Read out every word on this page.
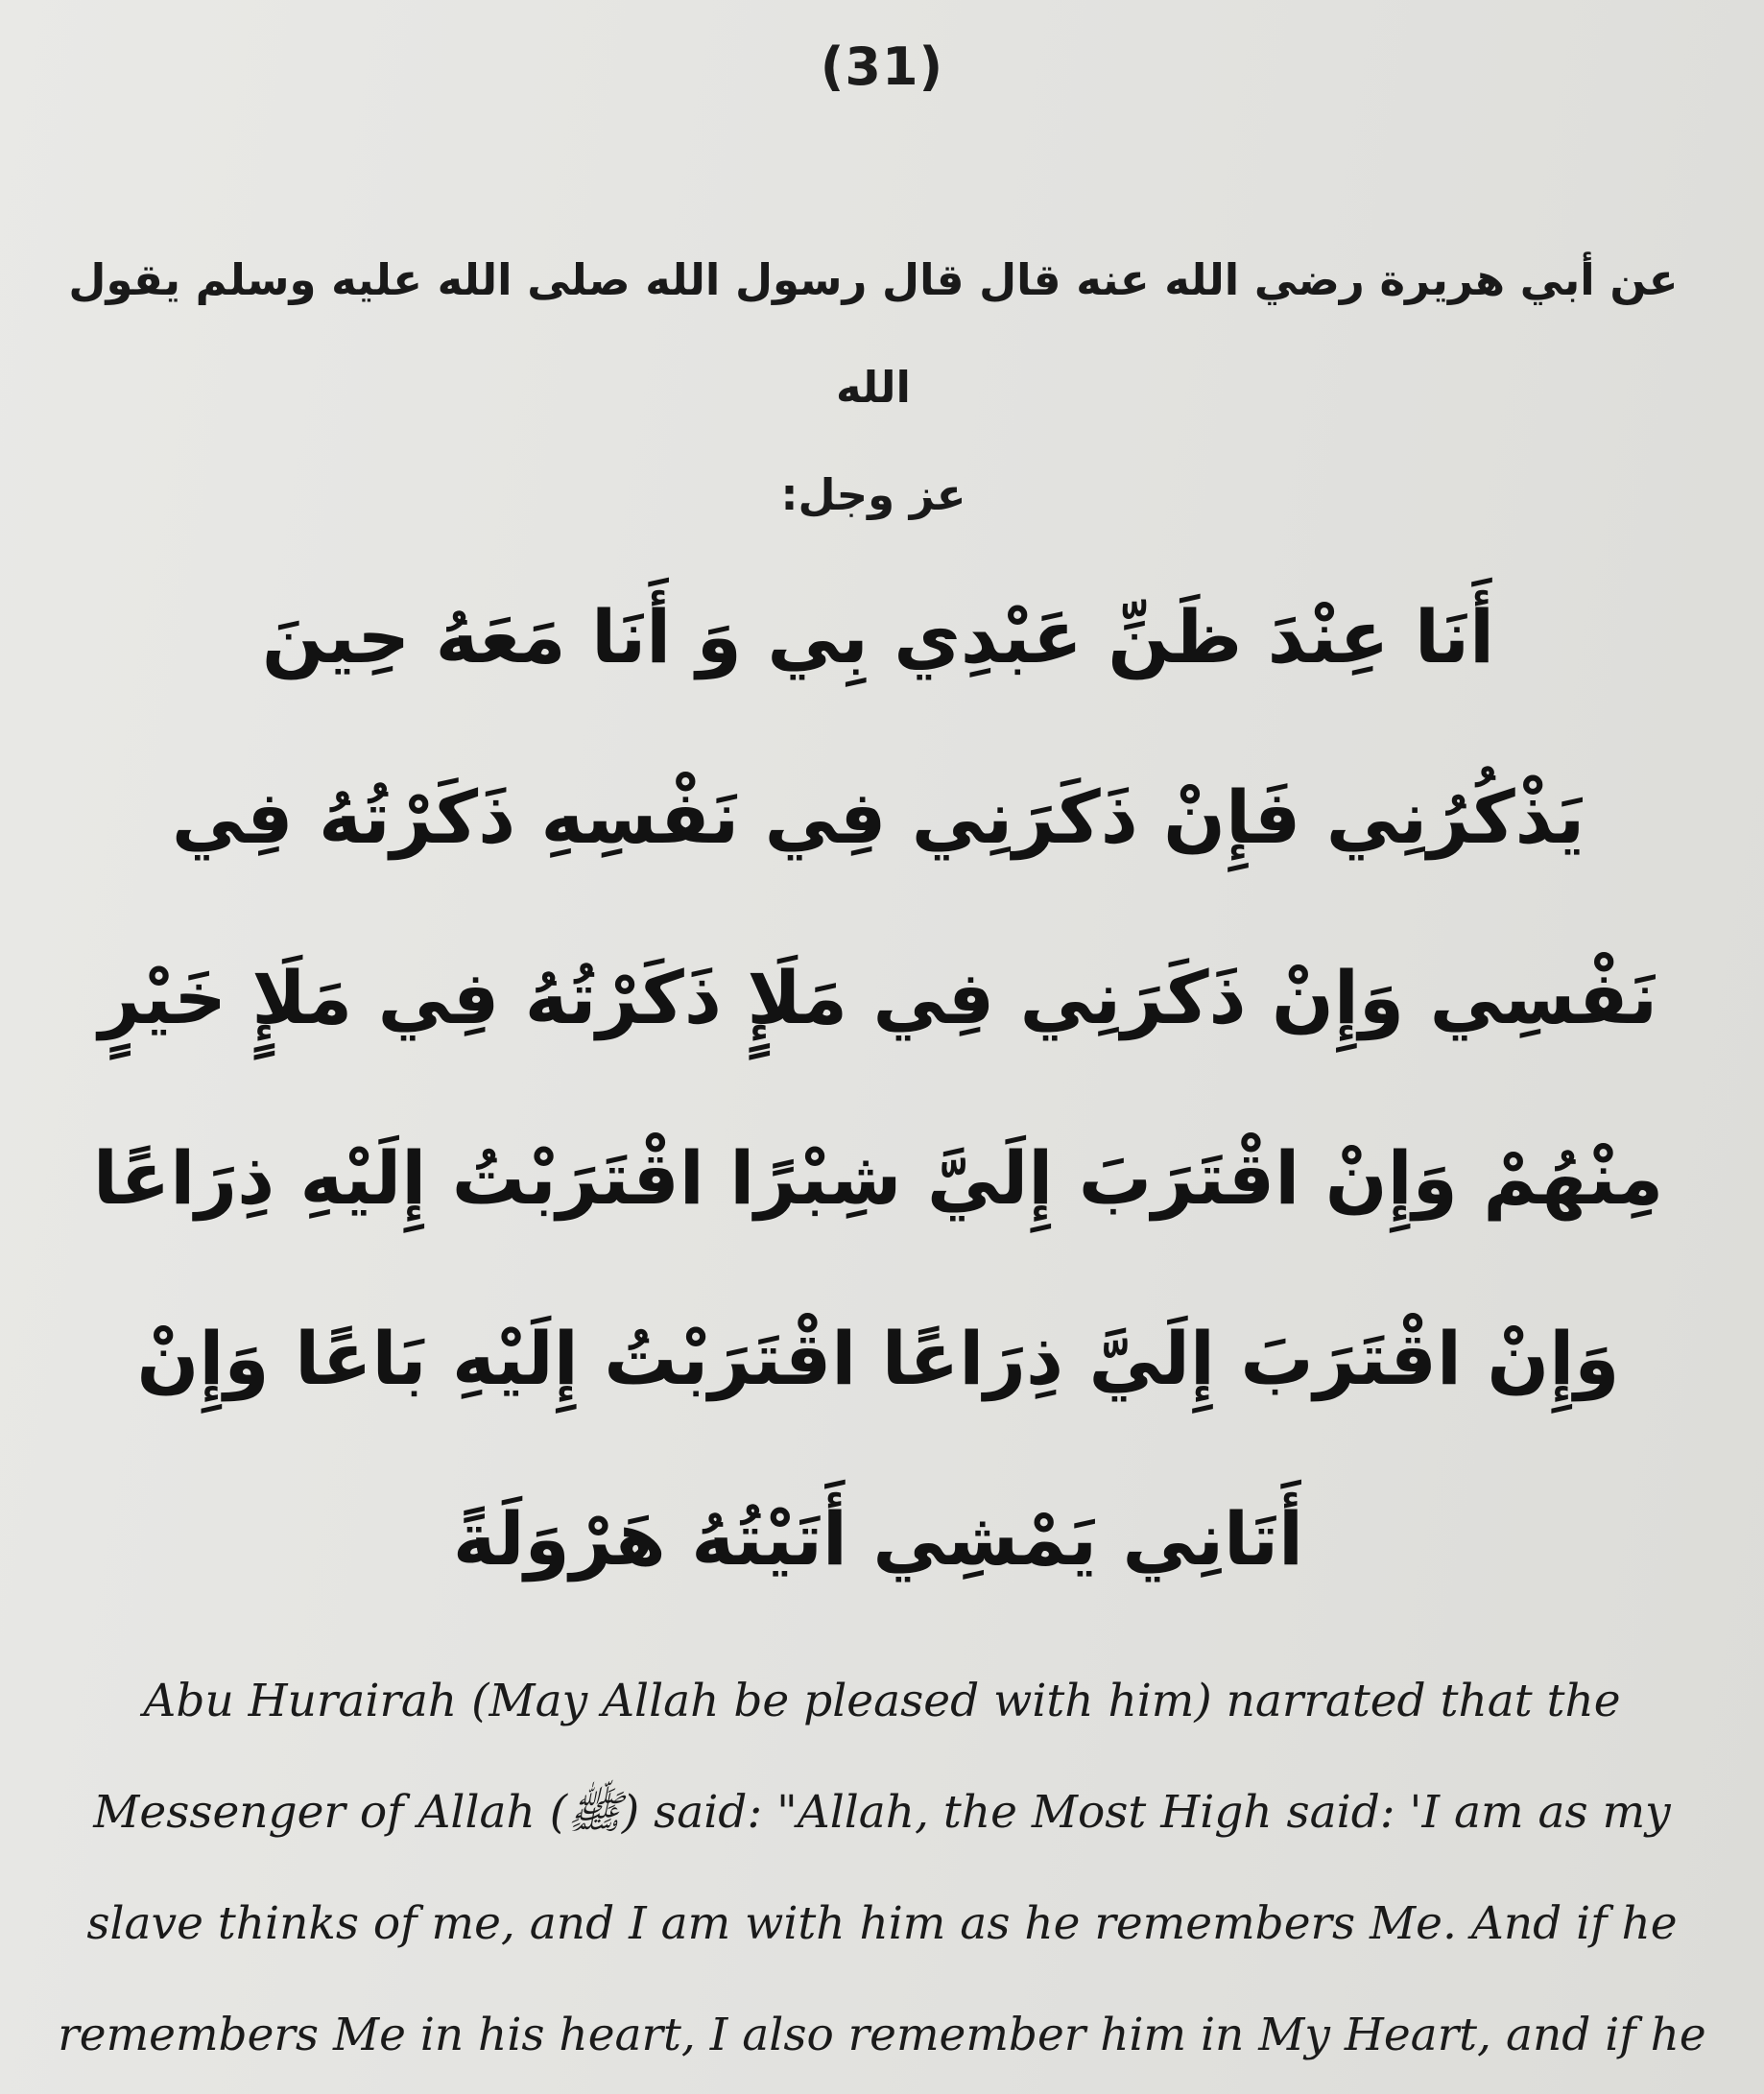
(31)
عن أبي هريرة رضي الله عنه قال قال رسول الله صلى الله عليه وسلم يقول الله
عز وجل:
أَنَا عِنْدَ ظَنِّ عَبْدِي بِي وَ أَنَا مَعَهُ حِينَ
يَذْكُرُنِي فَإِنْ ذَكَرَنِي فِي نَفْسِهِ ذَكَرْتُهُ فِي
نَفْسِي وَإِنْ ذَكَرَنِي فِي مَلَإٍ ذَكَرْتُهُ فِي مَلَإٍ خَيْرٍ
مِنْهُمْ وَإِنْ اقْتَرَبَ إِلَيَّ شِبْرًا اقْتَرَبْتُ إِلَيْهِ ذِرَاعًا
وَإِنْ اقْتَرَبَ إِلَيَّ ذِرَاعًا اقْتَرَبْتُ إِلَيْهِ بَاعًا وَإِنْ
أَتَانِي يَمْشِي أَتَيْتُهُ هَرْوَلَةً
Abu Hurairah (May Allah be pleased with him) narrated that the
Messenger of Allah (ﷺ) said: "Allah, the Most High said: 'I am as my
slave thinks of me, and I am with him as he remembers Me. And if he
remembers Me in his heart, I also remember him in My Heart, and if he
